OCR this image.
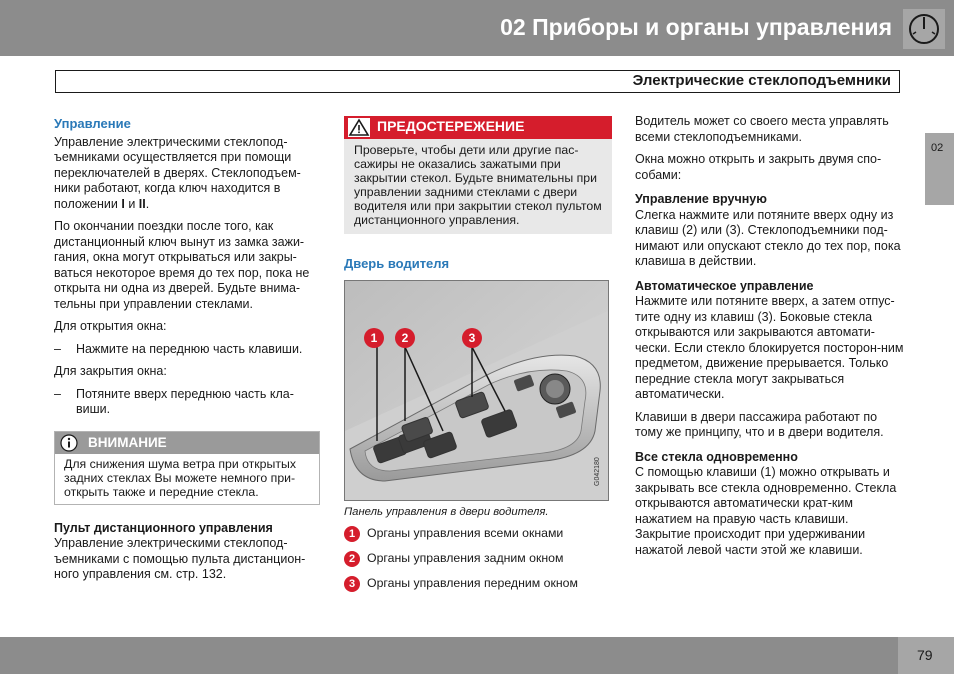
02 Приборы и органы управления
Электрические стеклоподъемники
02
Управление

Управление электрическими стеклопод-ъемниками осуществляется при помощи переключателей в дверях. Стеклоподъем-ники работают, когда ключ находится в положении I и II.

По окончании поездки после того, как дистанционный ключ вынут из замка зажи-гания, окна могут открываться или закры-ваться некоторое время до тех пор, пока не открыта ни одна из дверей. Будьте внима-тельны при управлении стеклами.

Для открытия окна:

– Нажмите на переднюю часть клавиши.

Для закрытия окна:

– Потяните вверх переднюю часть кла-виши.
ВНИМАНИЕ
Для снижения шума ветра при открытых задних стеклах Вы можете немного при-открыть также и передние стекла.
Пульт дистанционного управления

Управление электрическими стеклопод-ъемниками с помощью пульта дистанцион-ного управления см. стр. 132.

ПРЕДОСТЕРЕЖЕНИЕ
Проверьте, чтобы дети или другие пас-сажиры не оказались зажатыми при закрытии стекол. Будьте внимательны при управлении задними стеклами с двери водителя или при закрытии стекол пультом дистанционного управления.
Дверь водителя
1 2	3
G042180
Панель управления в двери водителя.
1 Органы управления всеми окнами
2 Органы управления задним окном
3 Органы управления передним окном

Водитель может со своего места управлять всеми стеклоподъемниками.

Окна можно открыть и закрыть двумя спо-собами:

Управление вручную

Слегка нажмите или потяните вверх одну из клавиш (2) или (3). Стеклоподъемники под-нимают или опускают стекло до тех пор, пока клавиша в действии.

Автоматическое управление

Нажмите или потяните вверх, а затем отпус-тите одну из клавиш (3). Боковые стекла открываются или закрываются автомати-чески. Если стекло блокируется посторон-ним предметом, движение прерывается. Только передние стекла могут закрываться автоматически.

Клавиши в двери пассажира работают по тому же принципу, что и в двери водителя.

Все стекла одновременно

С помощью клавиши (1) можно открывать и закрывать все стекла одновременно. Стекла открываются автоматически крат-ким нажатием на правую часть клавиши. Закрытие происходит при удерживании нажатой левой части этой же клавиши.

79
